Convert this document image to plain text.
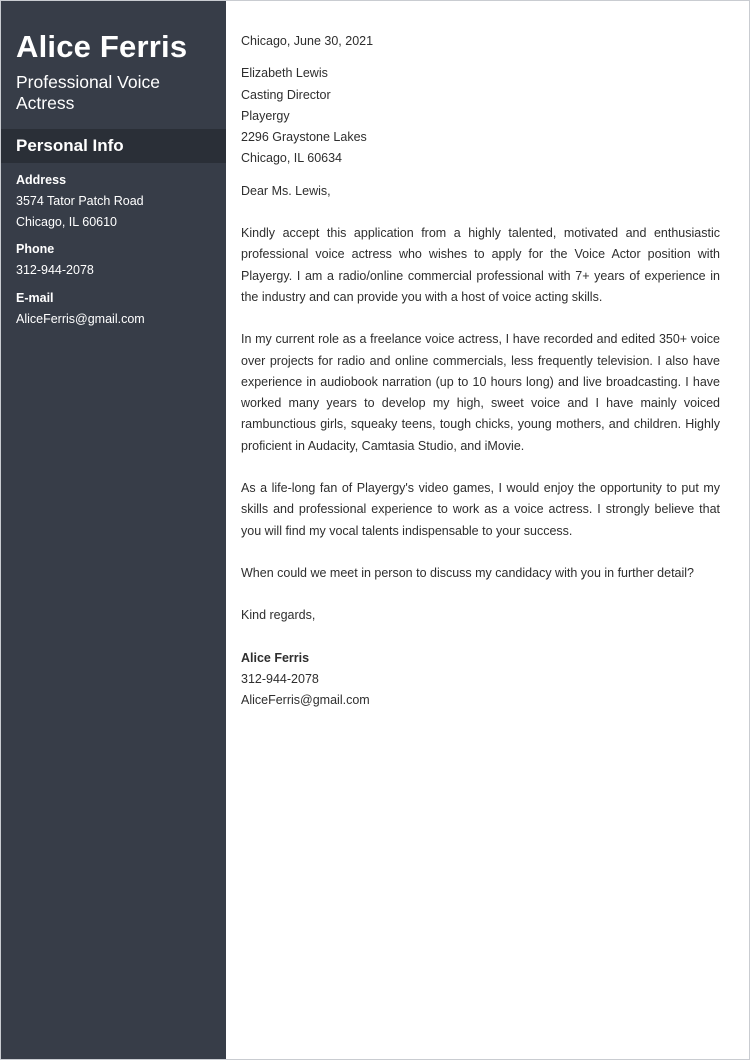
Alice Ferris
Professional Voice Actress
Personal Info
Address
3574 Tator Patch Road
Chicago, IL 60610
Phone
312-944-2078
E-mail
AliceFerris@gmail.com

Chicago, June 30, 2021

Elizabeth Lewis
Casting Director
Playergy
2296 Graystone Lakes
Chicago, IL 60634

Dear Ms. Lewis,

Kindly accept this application from a highly talented, motivated and enthusiastic professional voice actress who wishes to apply for the Voice Actor position with Playergy. I am a radio/online commercial professional with 7+ years of experience in the industry and can provide you with a host of voice acting skills.

In my current role as a freelance voice actress, I have recorded and edited 350+ voice over projects for radio and online commercials, less frequently television. I also have experience in audiobook narration (up to 10 hours long) and live broadcasting. I have worked many years to develop my high, sweet voice and I have mainly voiced rambunctious girls, squeaky teens, tough chicks, young mothers, and children. Highly proficient in Audacity, Camtasia Studio, and iMovie.

As a life-long fan of Playergy's video games, I would enjoy the opportunity to put my skills and professional experience to work as a voice actress. I strongly believe that you will find my vocal talents indispensable to your success.

When could we meet in person to discuss my candidacy with you in further detail?

Kind regards,

Alice Ferris
312-944-2078
AliceFerris@gmail.com
